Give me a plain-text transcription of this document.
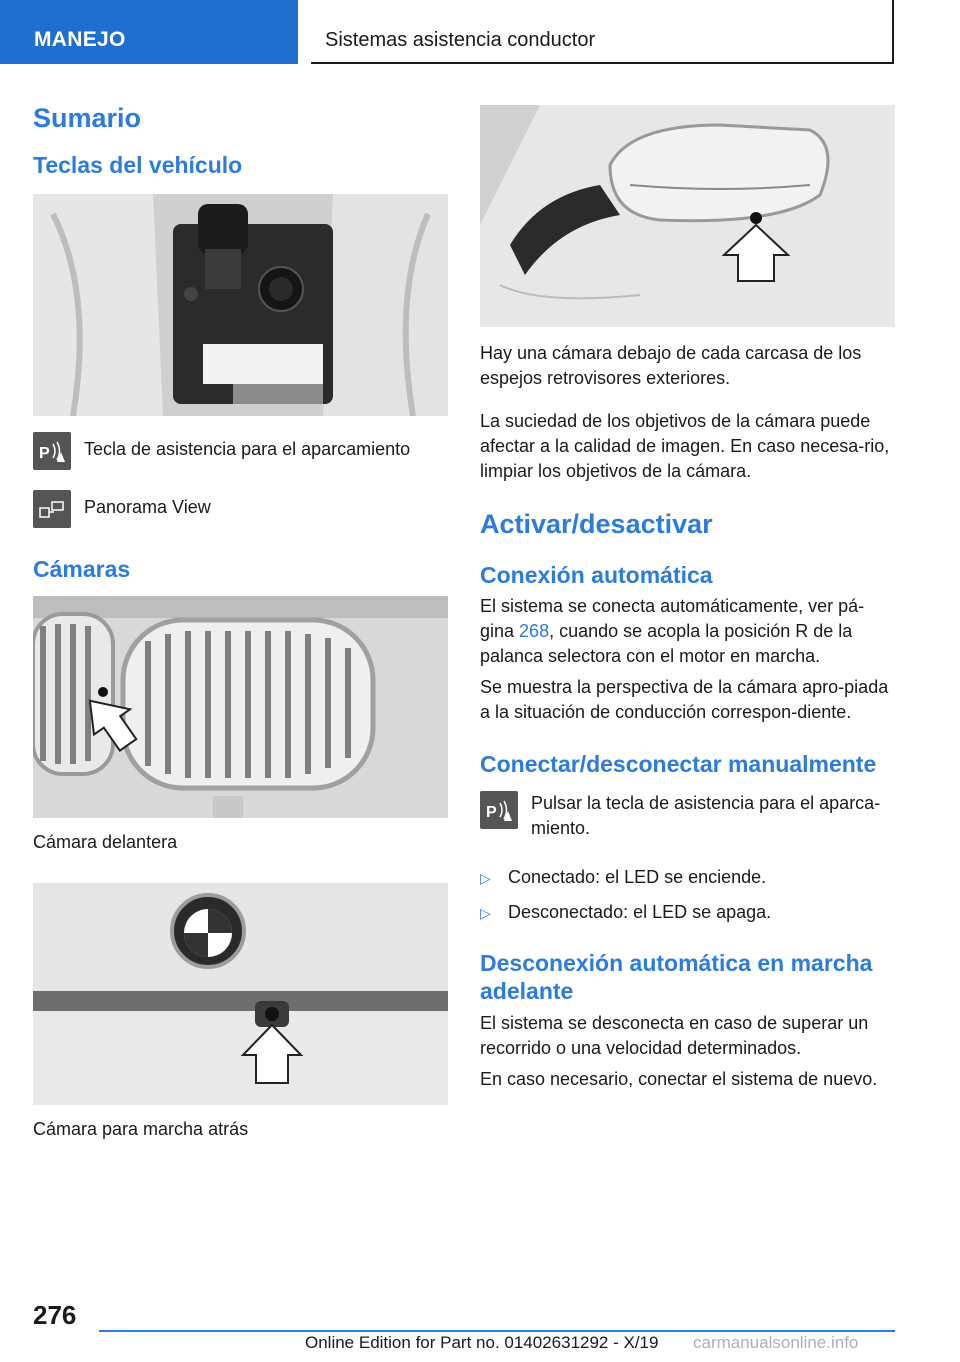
MANEJO	Sistemas asistencia conductor
Sumario
Teclas del vehículo
P Tecla de asistencia para el aparcamiento
Panorama View
Cámaras

Cámara delantera

Cámara para marcha atrás

Hay una cámara debajo de cada carcasa de los espejos retrovisores exteriores.

La suciedad de los objetivos de la cámara puede afectar a la calidad de imagen. En caso necesa-rio, limpiar los objetivos de la cámara.

Activar/desactivar
Conexión automática

El sistema se conecta automáticamente, ver pá-gina 268, cuando se acopla la posición R de la palanca selectora con el motor en marcha.

Se muestra la perspectiva de la cámara apro-piada a la situación de conducción correspon-diente.

Conectar/desconectar manualmente
P Pulsar la tecla de asistencia para el aparca-miento.
▷ Conectado: el LED se enciende.

▷ Desconectado: el LED se apaga.

Desconexión automática en marcha adelante

El sistema se desconecta en caso de superar un recorrido o una velocidad determinados.

En caso necesario, conectar el sistema de nuevo.

276
Online Edition for Part no. 01402631292 - X/19 carmanualsonline.info
